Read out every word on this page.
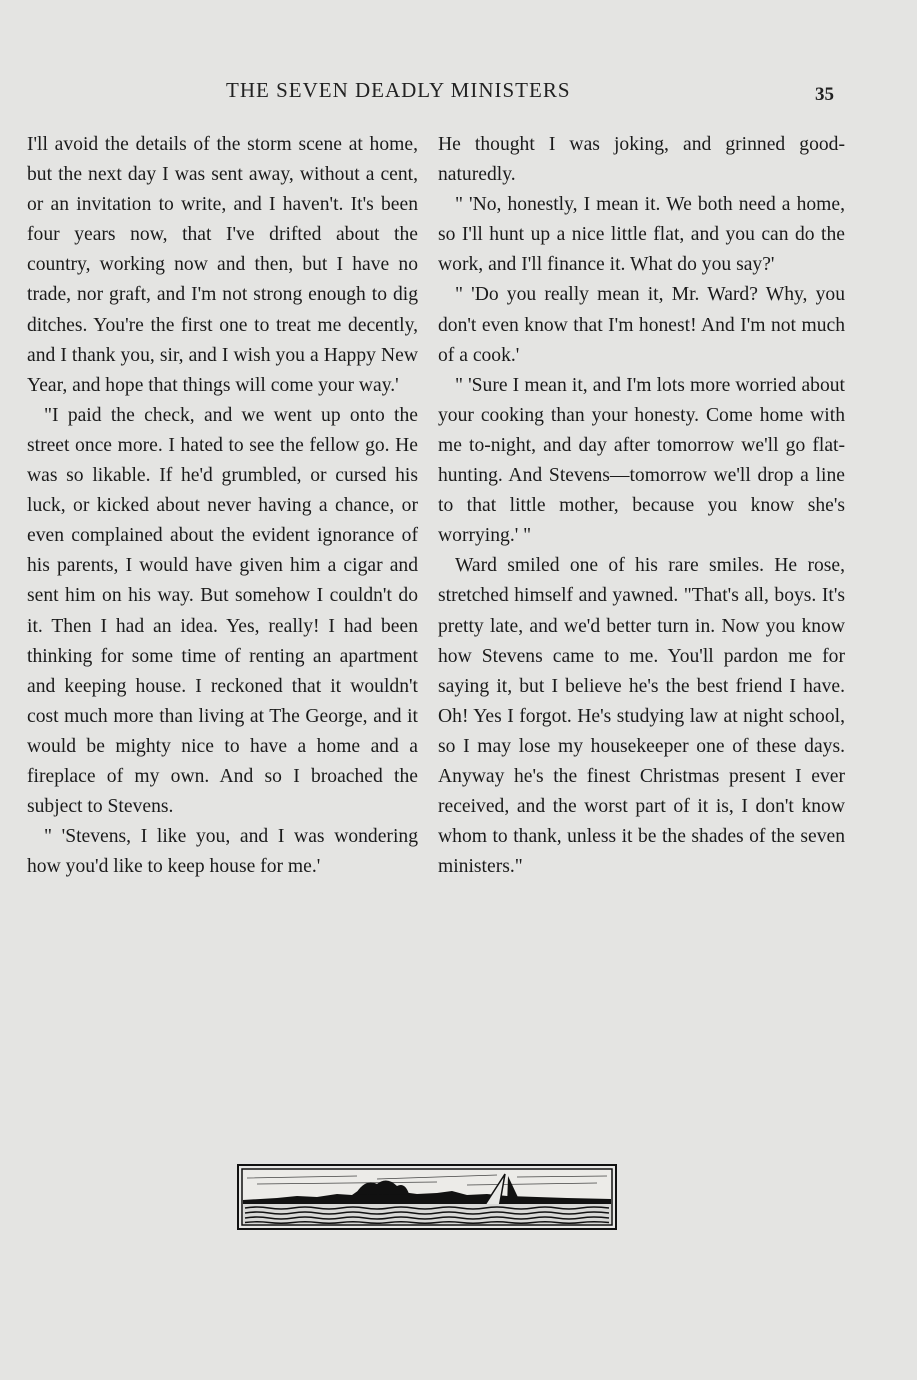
THE SEVEN DEADLY MINISTERS	35

I'll avoid the details of the storm scene at home, but the next day I was sent away, without a cent, or an invitation to write, and I haven't. It's been four years now, that I've drifted about the country, working now and then, but I have no trade, nor graft, and I'm not strong enough to dig ditches. You're the first one to treat me decently, and I thank you, sir, and I wish you a Happy New Year, and hope that things will come your way.'

"I paid the check, and we went up onto the street once more. I hated to see the fellow go. He was so likable. If he'd grumbled, or cursed his luck, or kicked about never having a chance, or even complained about the evident ignorance of his parents, I would have given him a cigar and sent him on his way. But somehow I couldn't do it. Then I had an idea. Yes, really! I had been thinking for some time of renting an apartment and keeping house. I reckoned that it wouldn't cost much more than living at The George, and it would be mighty nice to have a home and a fireplace of my own. And so I broached the subject to Stevens.

" 'Stevens, I like you, and I was wondering how you'd like to keep house for me.'

He thought I was joking, and grinned good-naturedly.

" 'No, honestly, I mean it. We both need a home, so I'll hunt up a nice little flat, and you can do the work, and I'll finance it. What do you say?'

" 'Do you really mean it, Mr. Ward? Why, you don't even know that I'm honest! And I'm not much of a cook.'

" 'Sure I mean it, and I'm lots more worried about your cooking than your honesty. Come home with me to-night, and day after tomorrow we'll go flat-hunting. And Stevens—tomorrow we'll drop a line to that little mother, because you know she's worrying.' "

Ward smiled one of his rare smiles. He rose, stretched himself and yawned. "That's all, boys. It's pretty late, and we'd better turn in. Now you know how Stevens came to me. You'll pardon me for saying it, but I believe he's the best friend I have. Oh! Yes I forgot. He's studying law at night school, so I may lose my housekeeper one of these days. Anyway he's the finest Christmas present I ever received, and the worst part of it is, I don't know whom to thank, unless it be the shades of the seven ministers."
